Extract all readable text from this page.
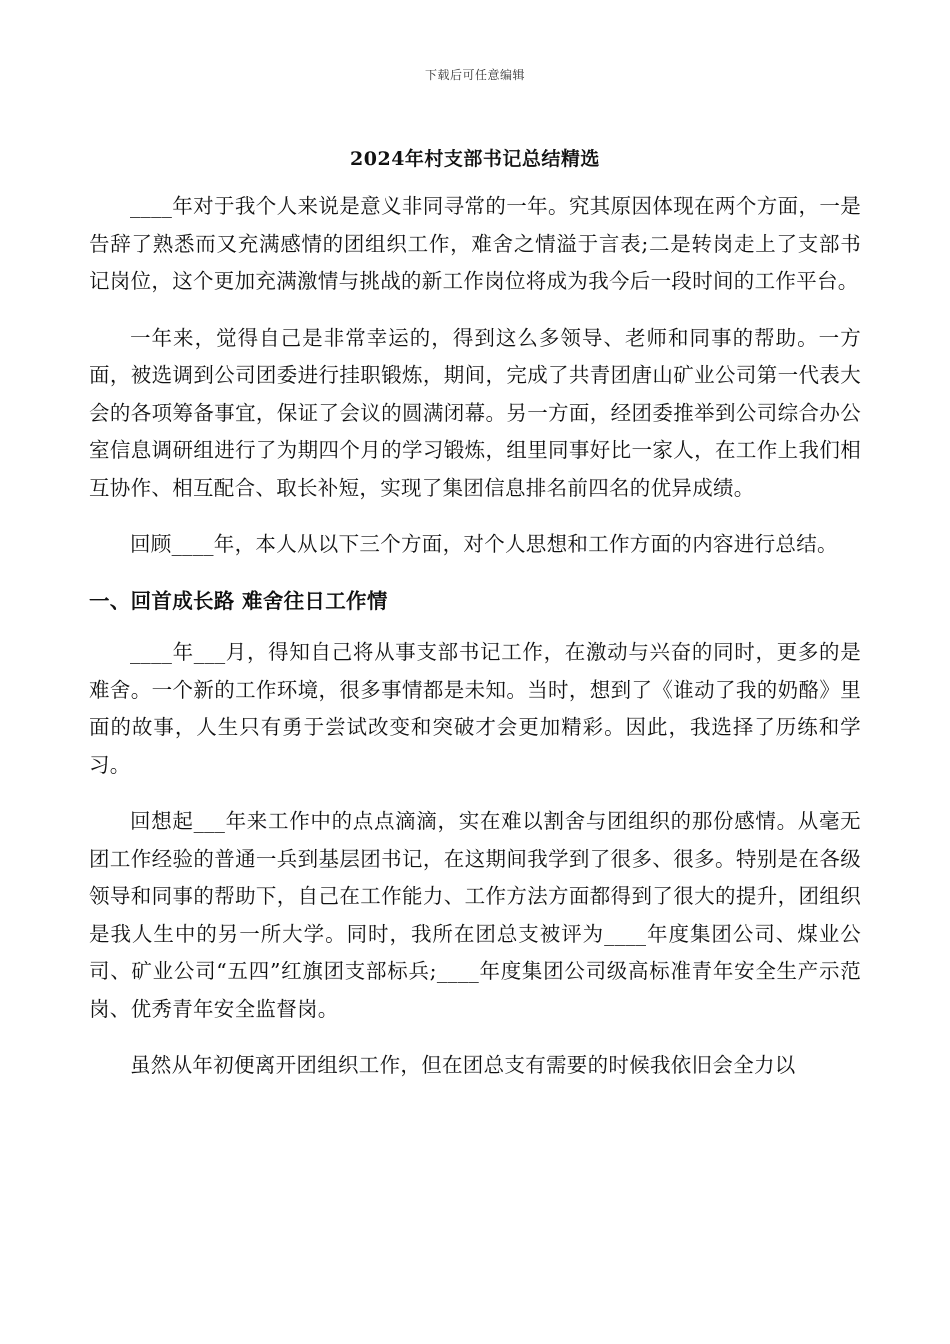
下载后可任意编辑
2024年村支部书记总结精选

____年对于我个人来说是意义非同寻常的一年。究其原因体现在两个方面，一是告辞了熟悉而又充满感情的团组织工作，难舍之情溢于言表;二是转岗走上了支部书记岗位，这个更加充满激情与挑战的新工作岗位将成为我今后一段时间的工作平台。

一年来，觉得自己是非常幸运的，得到这么多领导、老师和同事的帮助。一方面，被选调到公司团委进行挂职锻炼，期间，完成了共青团唐山矿业公司第一代表大会的各项筹备事宜，保证了会议的圆满闭幕。另一方面，经团委推举到公司综合办公室信息调研组进行了为期四个月的学习锻炼，组里同事好比一家人，在工作上我们相互协作、相互配合、取长补短，实现了集团信息排名前四名的优异成绩。

回顾____年，本人从以下三个方面，对个人思想和工作方面的内容进行总结。

一、回首成长路 难舍往日工作情

____年___月，得知自己将从事支部书记工作，在激动与兴奋的同时，更多的是难舍。一个新的工作环境，很多事情都是未知。当时，想到了《谁动了我的奶酪》里面的故事，人生只有勇于尝试改变和突破才会更加精彩。因此，我选择了历练和学习。

回想起___年来工作中的点点滴滴，实在难以割舍与团组织的那份感情。从毫无团工作经验的普通一兵到基层团书记，在这期间我学到了很多、很多。特别是在各级领导和同事的帮助下，自己在工作能力、工作方法方面都得到了很大的提升，团组织是我人生中的另一所大学。同时，我所在团总支被评为____年度集团公司、煤业公司、矿业公司“五四”红旗团支部标兵;____年度集团公司级高标准青年安全生产示范岗、优秀青年安全监督岗。

虽然从年初便离开团组织工作，但在团总支有需要的时候我依旧会全力以
